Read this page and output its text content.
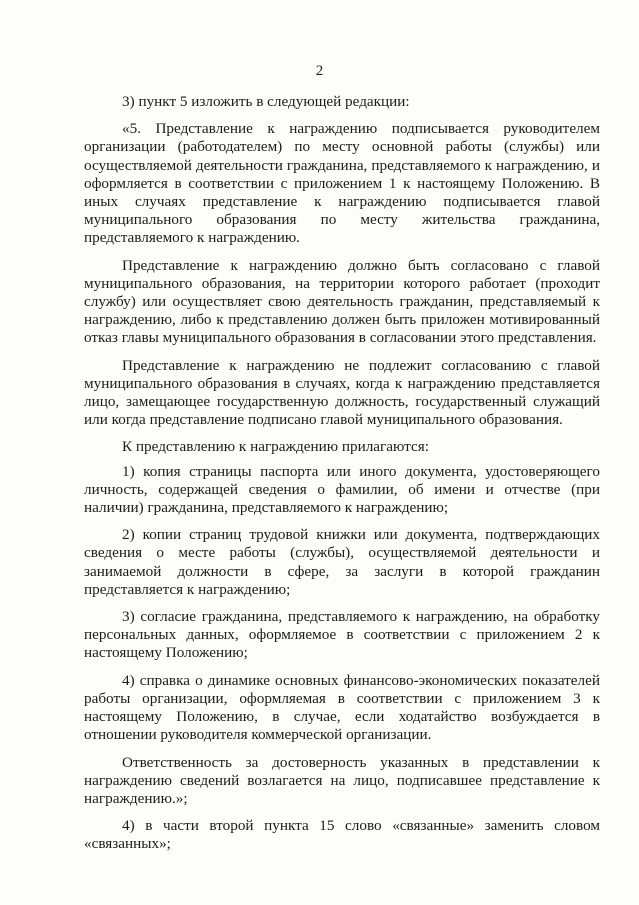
2

3) пункт 5 изложить в следующей редакции:

«5. Представление к награждению подписывается руководителем организации (работодателем) по месту основной работы (службы) или осуществляемой деятельности гражданина, представляемого к награждению, и оформляется в соответствии с приложением 1 к настоящему Положению. В иных случаях представление к награждению подписывается главой муниципального образования по месту жительства гражданина, представляемого к награждению.

Представление к награждению должно быть согласовано с главой муниципального образования, на территории которого работает (проходит службу) или осуществляет свою деятельность гражданин, представляемый к награждению, либо к представлению должен быть приложен мотивированный отказ главы муниципального образования в согласовании этого представления.

Представление к награждению не подлежит согласованию с главой муниципального образования в случаях, когда к награждению представляется лицо, замещающее государственную должность, государственный служащий или когда представление подписано главой муниципального образования.

К представлению к награждению прилагаются:

1) копия страницы паспорта или иного документа, удостоверяющего личность, содержащей сведения о фамилии, об имени и отчестве (при наличии) гражданина, представляемого к награждению;

2) копии страниц трудовой книжки или документа, подтверждающих сведения о месте работы (службы), осуществляемой деятельности и занимаемой должности в сфере, за заслуги в которой гражданин представляется к награждению;

3) согласие гражданина, представляемого к награждению, на обработку персональных данных, оформляемое в соответствии с приложением 2 к настоящему Положению;

4) справка о динамике основных финансово-экономических показателей работы организации, оформляемая в соответствии с приложением 3 к настоящему Положению, в случае, если ходатайство возбуждается в отношении руководителя коммерческой организации.

Ответственность за достоверность указанных в представлении к награждению сведений возлагается на лицо, подписавшее представление к награждению.»;

4) в части второй пункта 15 слово «связанные» заменить словом «связанных»;
